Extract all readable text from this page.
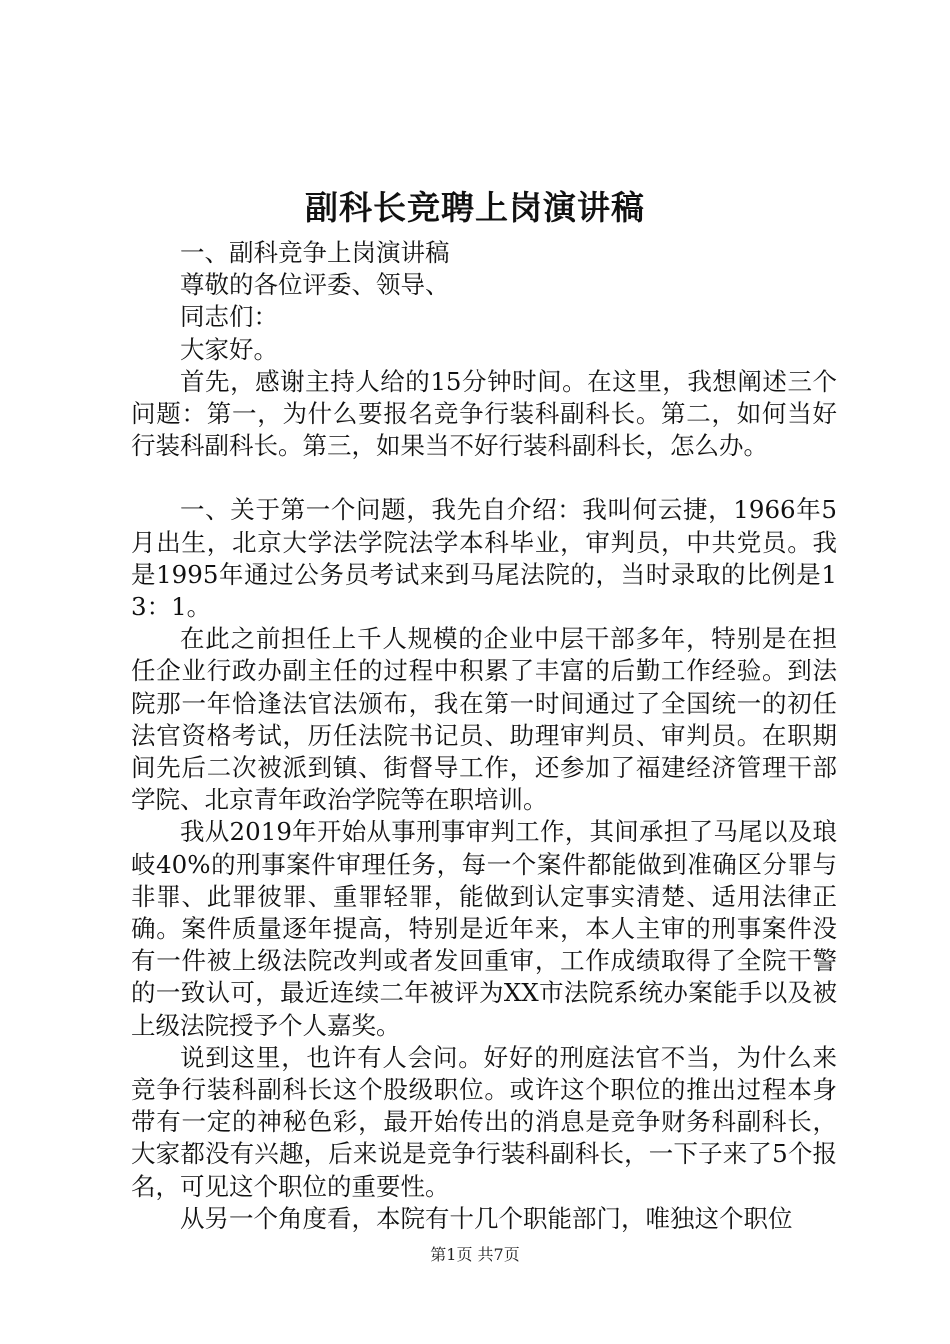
副科长竞聘上岗演讲稿

一、副科竞争上岗演讲稿

尊敬的各位评委、领导、

同志们：

大家好。

首先，感谢主持人给的15分钟时间。在这里，我想阐述三个问题：第一，为什么要报名竞争行装科副科长。第二，如何当好行装科副科长。第三，如果当不好行装科副科长，怎么办。

一、关于第一个问题，我先自介绍：我叫何云捷，1966年5月出生，北京大学法学院法学本科毕业，审判员，中共党员。我是1995年通过公务员考试来到马尾法院的，当时录取的比例是13：1。

在此之前担任上千人规模的企业中层干部多年，特别是在担任企业行政办副主任的过程中积累了丰富的后勤工作经验。到法院那一年恰逢法官法颁布，我在第一时间通过了全国统一的初任法官资格考试，历任法院书记员、助理审判员、审判员。在职期间先后二次被派到镇、街督导工作，还参加了福建经济管理干部学院、北京青年政治学院等在职培训。

我从2019年开始从事刑事审判工作，其间承担了马尾以及琅岐40%的刑事案件审理任务，每一个案件都能做到准确区分罪与非罪、此罪彼罪、重罪轻罪，能做到认定事实清楚、适用法律正确。案件质量逐年提高，特别是近年来，本人主审的刑事案件没有一件被上级法院改判或者发回重审，工作成绩取得了全院干警的一致认可，最近连续二年被评为XX市法院系统办案能手以及被上级法院授予个人嘉奖。

说到这里，也许有人会问。好好的刑庭法官不当，为什么来竞争行装科副科长这个股级职位。或许这个职位的推出过程本身带有一定的神秘色彩，最开始传出的消息是竞争财务科副科长，大家都没有兴趣，后来说是竞争行装科副科长，一下子来了5个报名，可见这个职位的重要性。

从另一个角度看，本院有十几个职能部门，唯独这个职位

第1页 共7页
